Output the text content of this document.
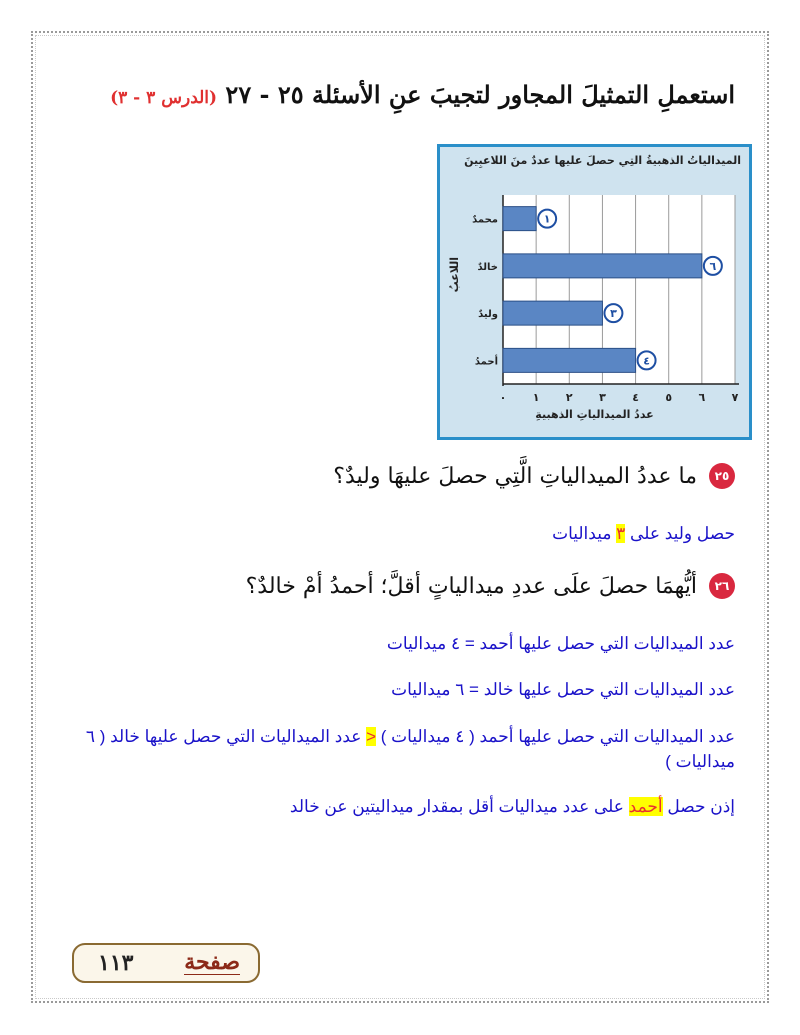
استعملِ التمثيلَ المجاور لتجيبَ عنِ الأسئلة ٢٥ - ٢٧ (الدرس ٣ - ٣)
الميدالياتُ الذهبيةُ التِي حصلَ عليها عددٌ منَ اللاعبِينَ
محمدٌ	١
خالدٌ	٦
وليدٌ	٣
أحمدُ	٤
٠ ١ ٢ ٣ ٤ ٥ ٦ ٧
اللاعبُ
عددُ الميدالياتِ الذهبيةِ
٢٥
ما عددُ الميدالياتِ الَّتِي حصلَ عليهَا وليدٌ؟
حصل وليد على ٣ ميداليات
٢٦
أيُّهمَا حصلَ علَى عددِ ميدالياتٍ أقلَّ؛ أحمدُ أمْ خالدٌ؟
عدد الميداليات التي حصل عليها أحمد = ٤ ميداليات
عدد الميداليات التي حصل عليها خالد = ٦ ميداليات
عدد الميداليات التي حصل عليها أحمد ( ٤ ميداليات ) < عدد الميداليات التي حصل عليها خالد ( ٦ ميداليات )
إذن حصل أحمد على عدد ميداليات أقل بمقدار ميداليتين عن خالد
صفحة
١١٣
